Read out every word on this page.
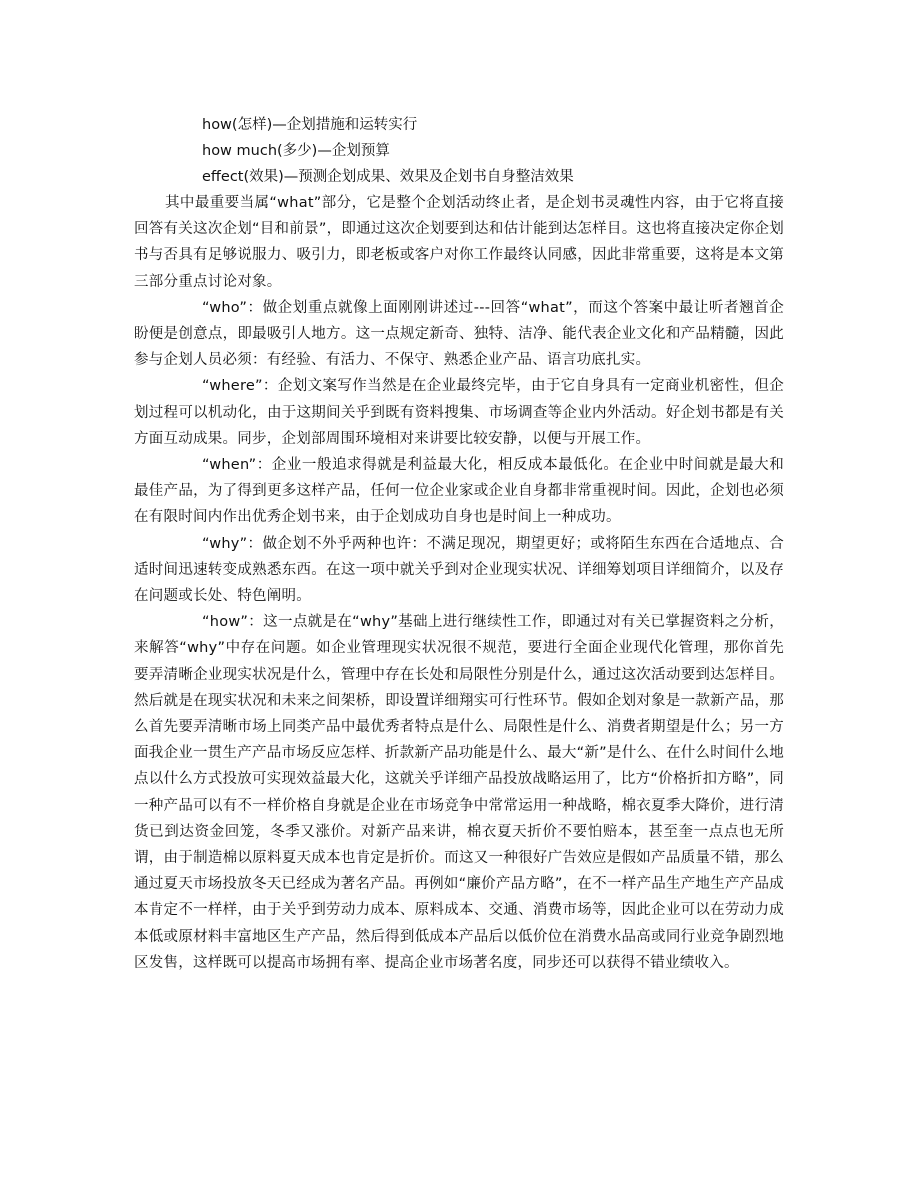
how(怎样)—企划措施和运转实行

how much(多少)—企划预算

effect(效果)—预测企划成果、效果及企划书自身整洁效果

其中最重要当属“what”部分，它是整个企划活动终止者，是企划书灵魂性内容，由于它将直接回答有关这次企划“目和前景”，即通过这次企划要到达和估计能到达怎样目。这也将直接决定你企划书与否具有足够说服力、吸引力，即老板或客户对你工作最终认同感，因此非常重要，这将是本文第三部分重点讨论对象。

“who”：做企划重点就像上面刚刚讲述过---回答“what”，而这个答案中最让听者翘首企盼便是创意点，即最吸引人地方。这一点规定新奇、独特、洁净、能代表企业文化和产品精髓，因此参与企划人员必须：有经验、有活力、不保守、熟悉企业产品、语言功底扎实。

“where”：企划文案写作当然是在企业最终完毕，由于它自身具有一定商业机密性，但企划过程可以机动化，由于这期间关乎到既有资料搜集、市场调查等企业内外活动。好企划书都是有关方面互动成果。同步，企划部周围环境相对来讲要比较安静，以便与开展工作。

“when”：企业一般追求得就是利益最大化，相反成本最低化。在企业中时间就是最大和最佳产品，为了得到更多这样产品，任何一位企业家或企业自身都非常重视时间。因此，企划也必须在有限时间内作出优秀企划书来，由于企划成功自身也是时间上一种成功。

“why”：做企划不外乎两种也许：不满足现况，期望更好；或将陌生东西在合适地点、合适时间迅速转变成熟悉东西。在这一项中就关乎到对企业现实状况、详细筹划项目详细简介，以及存在问题或长处、特色阐明。

“how”：这一点就是在“why”基础上进行继续性工作，即通过对有关已掌握资料之分析，来解答“why”中存在问题。如企业管理现实状况很不规范，要进行全面企业现代化管理，那你首先要弄清晰企业现实状况是什么，管理中存在长处和局限性分别是什么，通过这次活动要到达怎样目。然后就是在现实状况和未来之间架桥，即设置详细翔实可行性环节。假如企划对象是一款新产品，那么首先要弄清晰市场上同类产品中最优秀者特点是什么、局限性是什么、消费者期望是什么；另一方面我企业一贯生产产品市场反应怎样、折款新产品功能是什么、最大“新”是什么、在什么时间什么地点以什么方式投放可实现效益最大化，这就关乎详细产品投放战略运用了，比方“价格折扣方略”，同一种产品可以有不一样价格自身就是企业在市场竞争中常常运用一种战略，棉衣夏季大降价，进行清货已到达资金回笼，冬季又涨价。对新产品来讲，棉衣夏天折价不要怕赔本，甚至奎一点点也无所谓，由于制造棉以原料夏天成本也肯定是折价。而这又一种很好广告效应是假如产品质量不错，那么通过夏天市场投放冬天已经成为著名产品。再例如“廉价产品方略”，在不一样产品生产地生产产品成本肯定不一样样，由于关乎到劳动力成本、原料成本、交通、消费市场等，因此企业可以在劳动力成本低或原材料丰富地区生产产品，然后得到低成本产品后以低价位在消费水品高或同行业竞争剧烈地区发售，这样既可以提高市场拥有率、提高企业市场著名度，同步还可以获得不错业绩收入。
